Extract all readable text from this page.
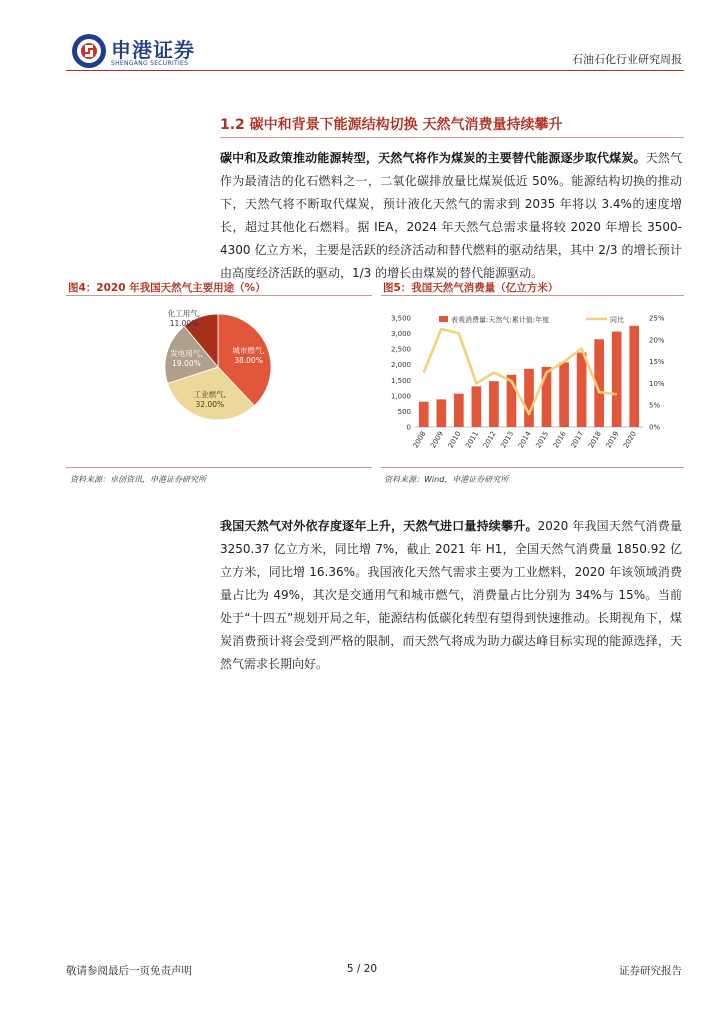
申港证券
SHENGANG SECURITIES	石油石化行业研究周报
1.2 碳中和背景下能源结构切换 天然气消费量持续攀升
碳中和及政策推动能源转型，天然气将作为煤炭的主要替代能源逐步取代煤炭。天然气作为最清洁的化石燃料之一，二氧化碳排放量比煤炭低近 50%。能源结构切换的推动下，天然气将不断取代煤炭，预计液化天然气的需求到 2035 年将以 3.4%的速度增长，超过其他化石燃料。据 IEA，2024 年天然气总需求量将较 2020 年增长 3500-4300 亿立方米，主要是活跃的经济活动和替代燃料的驱动结果，其中 2/3 的增长预计由高度经济活跃的驱动，1/3 的增长由煤炭的替代能源驱动。
图4：2020 年我国天然气主要用途（%）	图5：我国天然气消费量（亿立方米）
城市燃气,
38.00%
工业燃气,
32.00%
发电用气,
19.00%
化工用气,
11.00%
0
500
1,000
1,500
2,000
2,500
3,000
3,500
0%
5%
10%
15%
20%
25%
2008 2009 2010 2011 2012 2013 2014 2015 2016 2017 2018 2019 2020
表观消费量:天然气:累计值:年度	同比
资料来源：卓创资讯，申港证券研究所	资料来源：Wind，申港证券研究所
我国天然气对外依存度逐年上升，天然气进口量持续攀升。2020 年我国天然气消费量 3250.37 亿立方米，同比增 7%，截止 2021 年 H1，全国天然气消费量 1850.92 亿立方米，同比增 16.36%。我国液化天然气需求主要为工业燃料，2020 年该领域消费量占比为 49%，其次是交通用气和城市燃气，消费量占比分别为 34%与 15%。当前处于“十四五”规划开局之年，能源结构低碳化转型有望得到快速推动。长期视角下，煤炭消费预计将会受到严格的限制，而天然气将成为助力碳达峰目标实现的能源选择，天然气需求长期向好。
敬请参阅最后一页免责声明	5 / 20	证券研究报告
